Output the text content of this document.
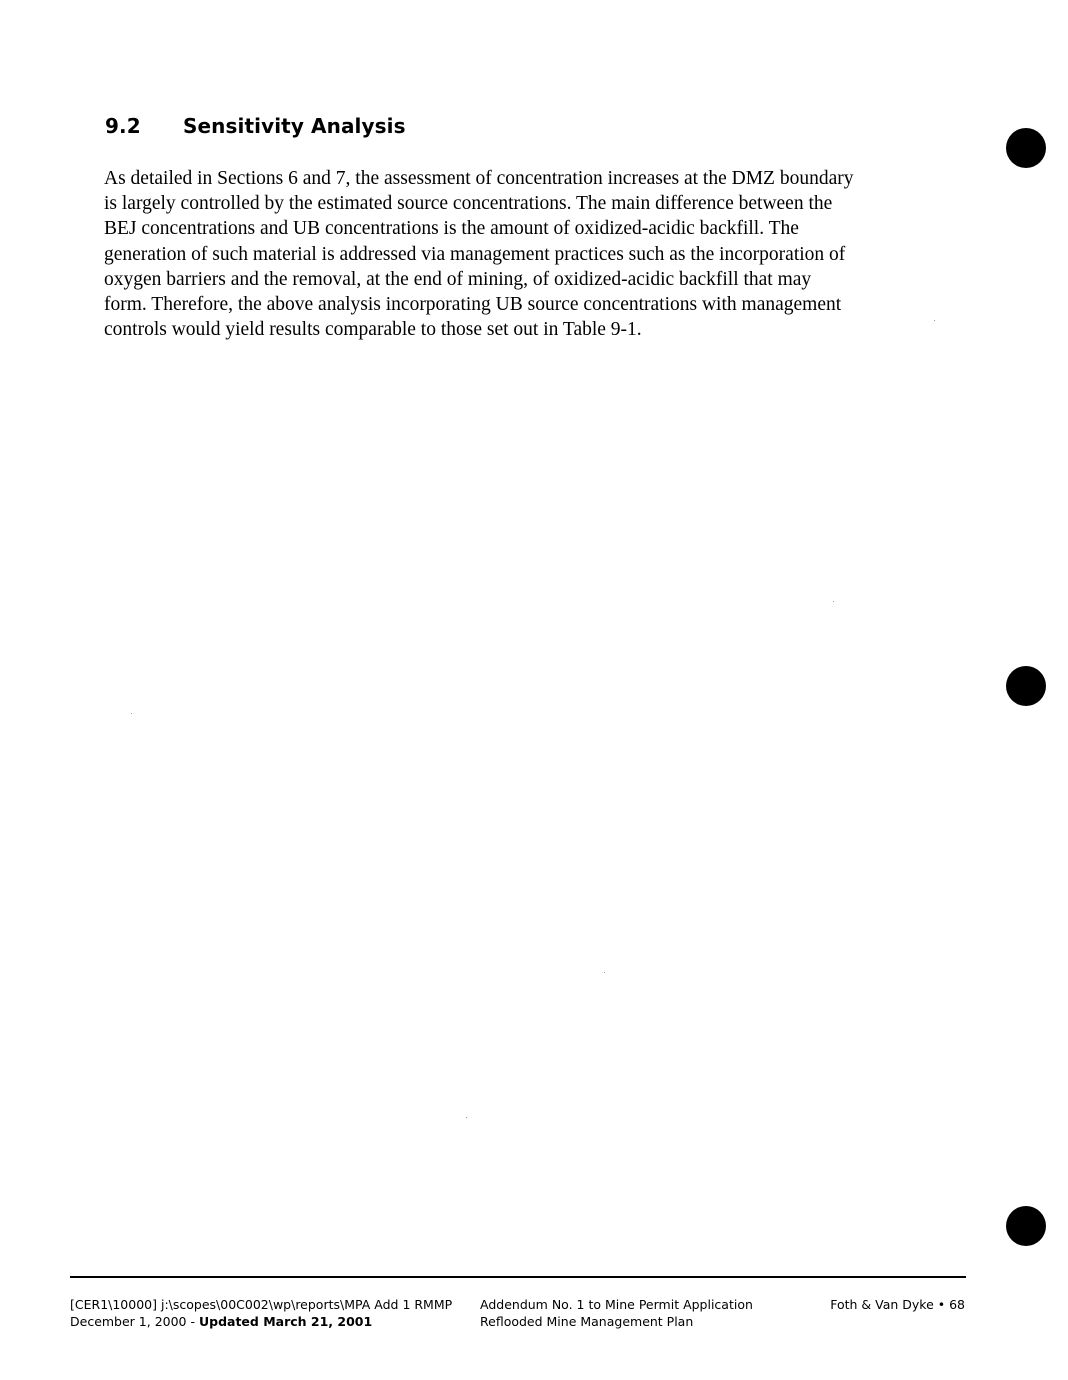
9.2 Sensitivity Analysis

As detailed in Sections 6 and 7, the assessment of concentration increases at the DMZ boundary
is largely controlled by the estimated source concentrations. The main difference between the
BEJ concentrations and UB concentrations is the amount of oxidized-acidic backfill. The
generation of such material is addressed via management practices such as the incorporation of
oxygen barriers and the removal, at the end of mining, of oxidized-acidic backfill that may
form. Therefore, the above analysis incorporating UB source concentrations with management
controls would yield results comparable to those set out in Table 9-1.

[CER1\10000] j:\scopes\00C002\wp\reports\MPA Add 1 RMMP
December 1, 2000 - Updated March 21, 2001
Addendum No. 1 to Mine Permit Application
Reflooded Mine Management Plan
Foth & Van Dyke • 68
